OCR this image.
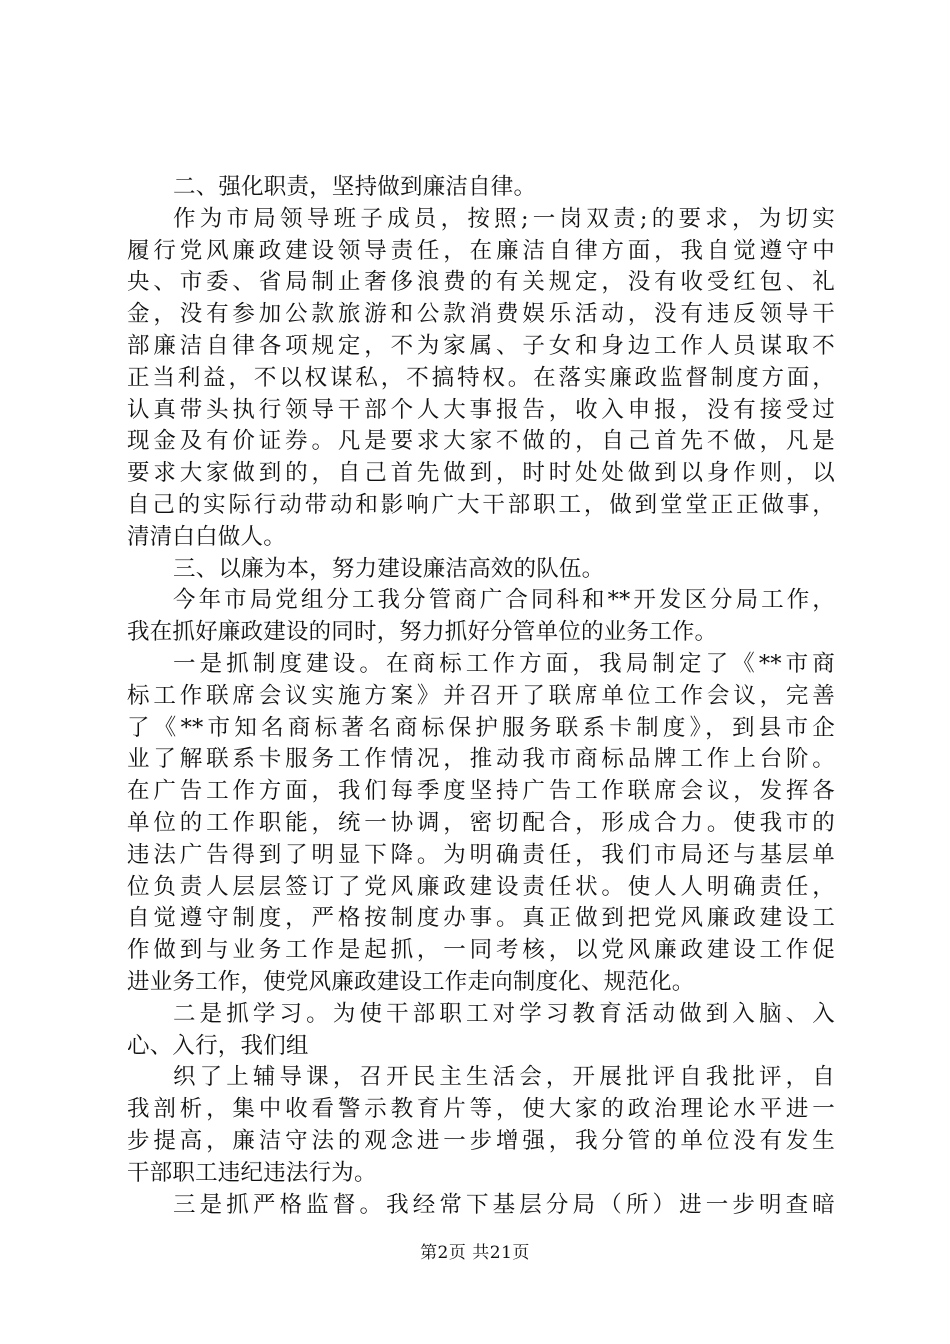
二、强化职责，坚持做到廉洁自律。
作为市局领导班子成员，按照;一岗双责;的要求，为切实
履行党风廉政建设领导责任，在廉洁自律方面，我自觉遵守中
央、市委、省局制止奢侈浪费的有关规定，没有收受红包、礼
金，没有参加公款旅游和公款消费娱乐活动，没有违反领导干
部廉洁自律各项规定，不为家属、子女和身边工作人员谋取不
正当利益，不以权谋私，不搞特权。在落实廉政监督制度方面，
认真带头执行领导干部个人大事报告，收入申报，没有接受过
现金及有价证券。凡是要求大家不做的，自己首先不做，凡是
要求大家做到的，自己首先做到，时时处处做到以身作则，以
自己的实际行动带动和影响广大干部职工，做到堂堂正正做事，
清清白白做人。
三、以廉为本，努力建设廉洁高效的队伍。
今年市局党组分工我分管商广合同科和**开发区分局工作，
我在抓好廉政建设的同时，努力抓好分管单位的业务工作。
一是抓制度建设。在商标工作方面，我局制定了《**市商
标工作联席会议实施方案》并召开了联席单位工作会议，完善
了《**市知名商标著名商标保护服务联系卡制度》，到县市企
业了解联系卡服务工作情况，推动我市商标品牌工作上台阶。
在广告工作方面，我们每季度坚持广告工作联席会议，发挥各
单位的工作职能，统一协调，密切配合，形成合力。使我市的
违法广告得到了明显下降。为明确责任，我们市局还与基层单
位负责人层层签订了党风廉政建设责任状。使人人明确责任，
自觉遵守制度，严格按制度办事。真正做到把党风廉政建设工
作做到与业务工作是起抓，一同考核，以党风廉政建设工作促
进业务工作，使党风廉政建设工作走向制度化、规范化。
二是抓学习。为使干部职工对学习教育活动做到入脑、入
心、入行，我们组
织了上辅导课，召开民主生活会，开展批评自我批评，自
我剖析，集中收看警示教育片等，使大家的政治理论水平进一
步提高，廉洁守法的观念进一步增强，我分管的单位没有发生
干部职工违纪违法行为。
三是抓严格监督。我经常下基层分局（所）进一步明查暗
第2页 共21页
